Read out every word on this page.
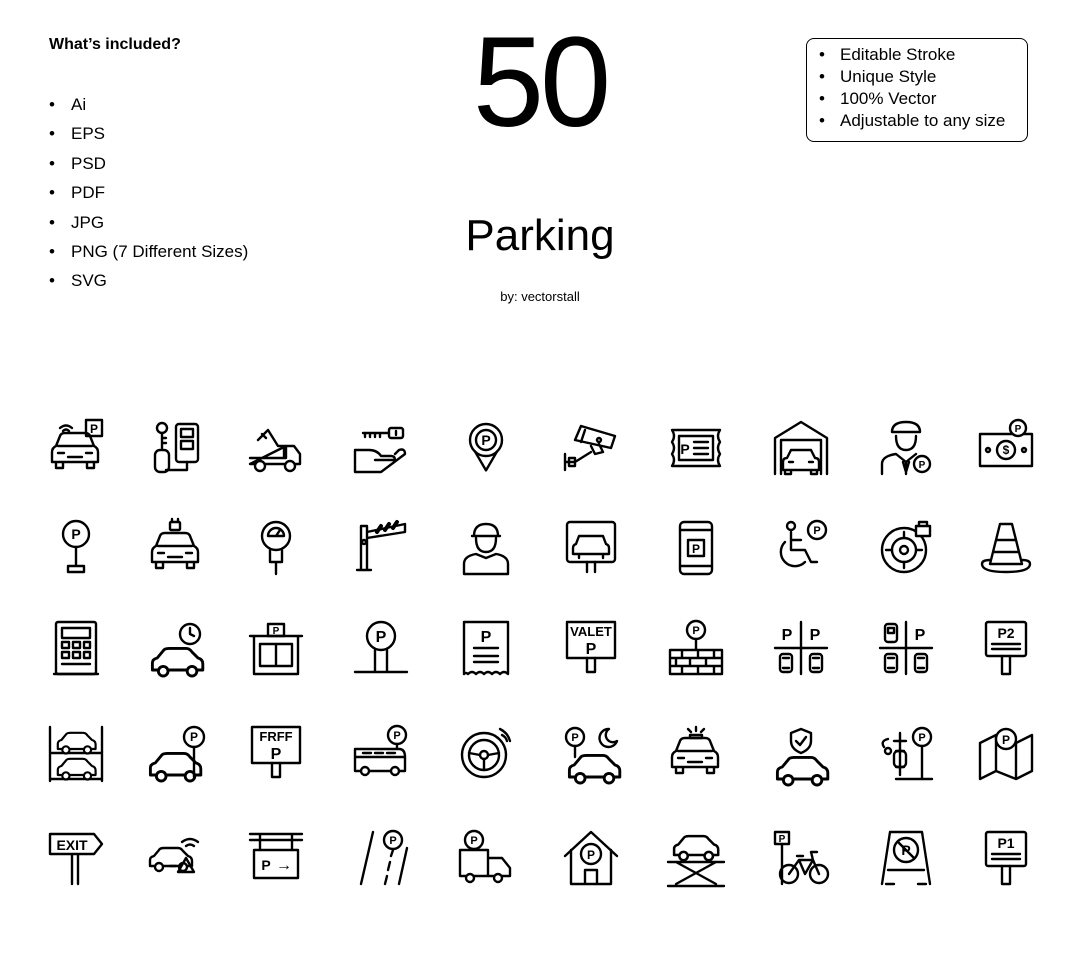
What’s included?
• Ai
• EPS
• PSD
• PDF
• JPG
• PNG (7 Different Sizes)
• SVG
50
Parking
by: vectorstall
• Editable Stroke
• Unique Style
• 100% Vector
• Adjustable to any size
P
P
P
P
$
P
P
P
P
P	P	P	VALET
P
P	P P	P	P2
P	FRFF
P
P	P	P	P
EXIT
P →
P	P
P
P
P	P1
